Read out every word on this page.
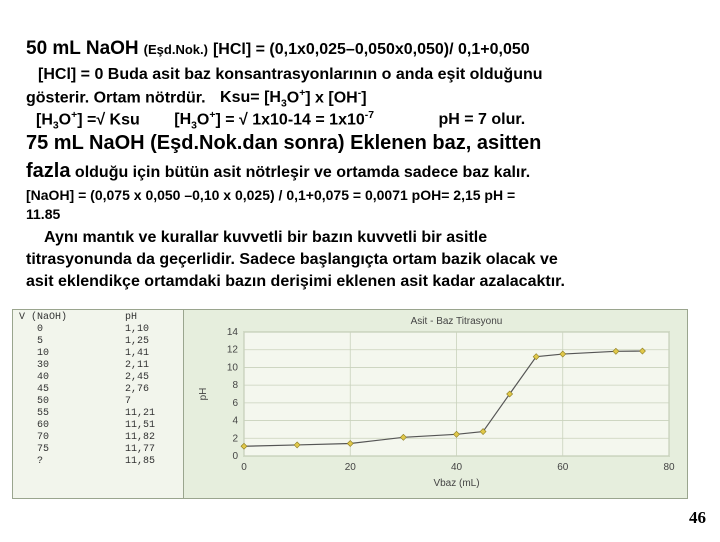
50 mL NaOH (Eşd.Nok.) [HCl] = (0,1x0,025–0,050x0,050)/ 0,1+0,050
[HCl] = 0 Buda asit baz konsantrasyonlarının o anda eşit olduğunu
gösterir. Ortam nötrdür. $Ksu= [H_3O^+]$ x [OH-]
$[H_3O^+]$ =√ Ksu $[H_3O^+]$ = √ $1x10-14 = 1x10^{-7}$	pH = 7 olur.
75 mL NaOH (Eşd.Nok.dan sonra) Eklenen baz, asitten
fazla olduğu için bütün asit nötrleşir ve ortamda sadece baz kalır.
[NaOH] = (0,075 x 0,050 –0,10 x 0,025) / 0,1+0,075 = 0,0071 pOH= 2,15 pH =
11.85
Aynı mantık ve kurallar kuvvetli bir bazın kuvvetli bir asitle
titrasyonunda da geçerlidir. Sadece başlangıçta ortam bazik olacak ve
asit eklendikçe ortamdaki bazın derişimi eklenen asit kadar azalacaktır.
V (NaOH)	pH
0	1,10
5	1,25
10	1,41
30	2,11
40	2,45
45	2,76
50	7
55	11,21
60	11,51
70	11,82
75	11,77
?	11,85
Asit - Baz Titrasyonu
0
2
4
6
8
10
12
14
0	20	40	60	80
Vbaz (mL)
pH
46
